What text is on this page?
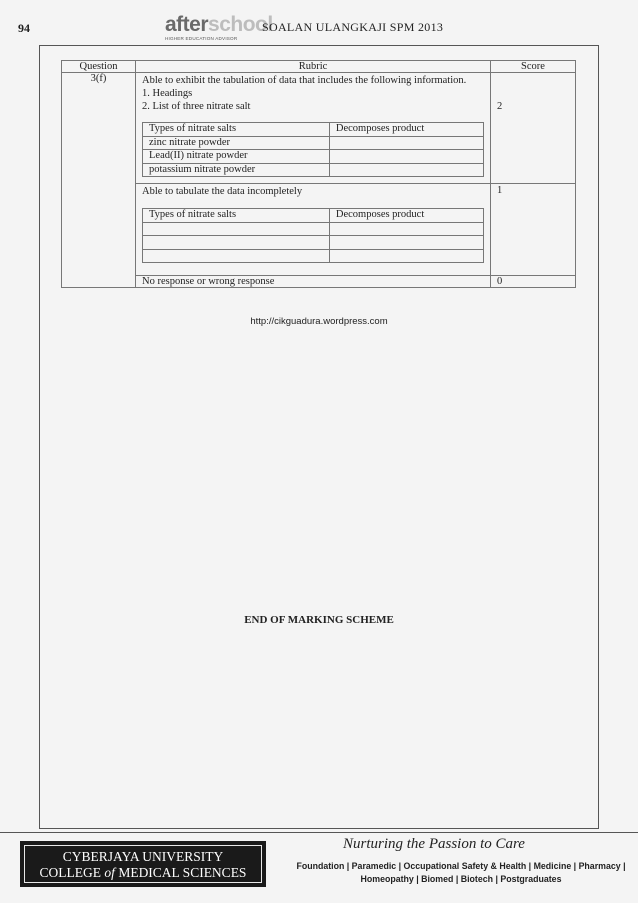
94	afterschool
HIGHER EDUCATION ADVISOR
SOALAN ULANGKAJI SPM 2013
Question	Rubric	Score
3(f)	Able to exhibit the tabulation of data that includes the following information.
1. Headings
2. List of three nitrate salt
Types of nitrate salts	Decomposes product
zinc nitrate powder	
Lead(II) nitrate powder	
potassium nitrate powder	
	2

Able to tabulate the data incompletely
Types of nitrate salts	Decomposes product

	1
No response or wrong response	0
http://cikguadura.wordpress.com
END OF MARKING SCHEME
CYBERJAYA UNIVERSITY
COLLEGE of MEDICAL SCIENCES
Nurturing the Passion to Care
Foundation | Paramedic | Occupational Safety & Health | Medicine | Pharmacy |
Homeopathy | Biomed | Biotech | Postgraduates
